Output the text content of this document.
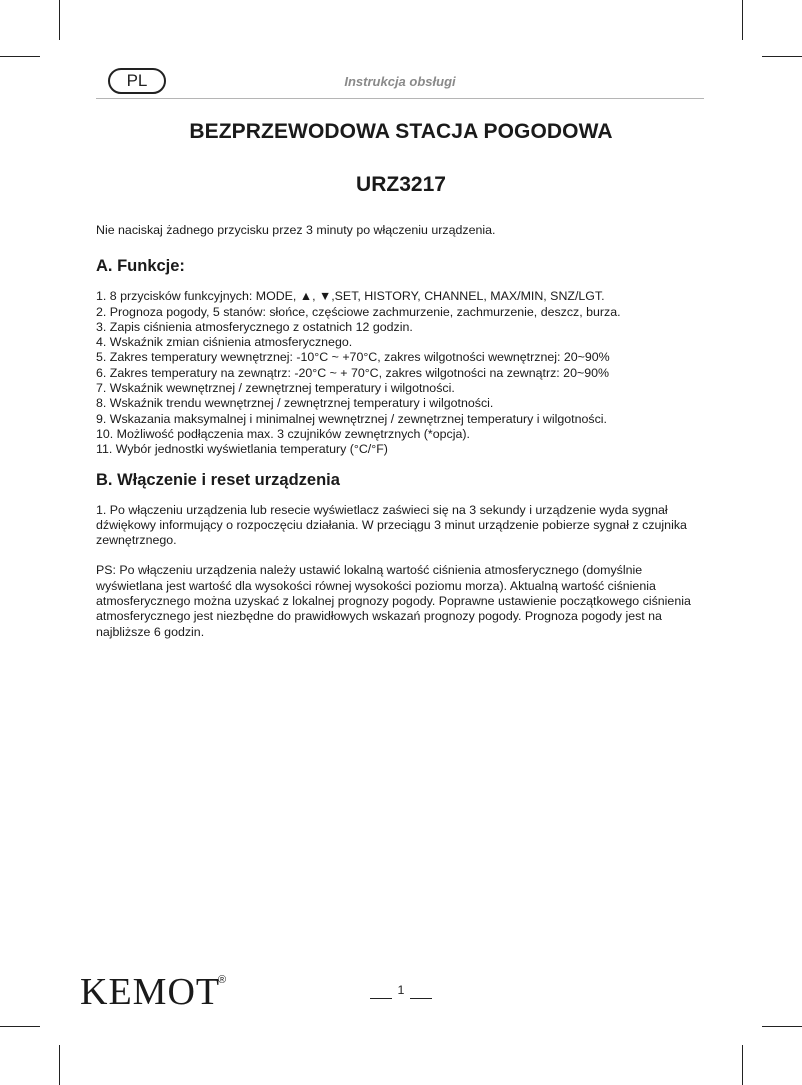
PL	Instrukcja obsługi
BEZPRZEWODOWA STACJA POGODOWA
URZ3217

Nie naciskaj żadnego przycisku przez 3 minuty po włączeniu urządzenia.

A. Funkcje:
1. 8 przycisków funkcyjnych: MODE, ▲, ▼,SET, HISTORY, CHANNEL, MAX/MIN, SNZ/LGT.
2. Prognoza pogody, 5 stanów: słońce, częściowe zachmurzenie, zachmurzenie, deszcz, burza.
3. Zapis ciśnienia atmosferycznego z ostatnich 12 godzin.
4. Wskaźnik zmian ciśnienia atmosferycznego.
5. Zakres temperatury wewnętrznej: -10°C ~ +70°C, zakres wilgotności wewnętrznej: 20~90%
6. Zakres temperatury na zewnątrz: -20°C ~ + 70°C, zakres wilgotności na zewnątrz: 20~90%
7. Wskaźnik wewnętrznej / zewnętrznej temperatury i wilgotności.
8. Wskaźnik trendu wewnętrznej / zewnętrznej temperatury i wilgotności.
9. Wskazania maksymalnej i minimalnej wewnętrznej / zewnętrznej temperatury i wilgotności.
10. Możliwość podłączenia max. 3 czujników zewnętrznych (*opcja).
11. Wybór jednostki wyświetlania temperatury (°C/°F)
B. Włączenie i reset urządzenia

1. Po włączeniu urządzenia lub resecie wyświetlacz zaświeci się na 3 sekundy i urządzenie wyda sygnał dźwiękowy informujący o rozpoczęciu działania. W przeciągu 3 minut urządzenie pobierze sygnał z czujnika zewnętrznego.

PS: Po włączeniu urządzenia należy ustawić lokalną wartość ciśnienia atmosferycznego (domyślnie wyświetlana jest wartość dla wysokości równej wysokości poziomu morza). Aktualną wartość ciśnienia atmosferycznego można uzyskać z lokalnej prognozy pogody. Poprawne ustawienie początkowego ciśnienia atmosferycznego jest niezbędne do prawidłowych wskazań prognozy pogody. Prognoza pogody jest na najbliższe 6 godzin.

KEMOT
®
1
